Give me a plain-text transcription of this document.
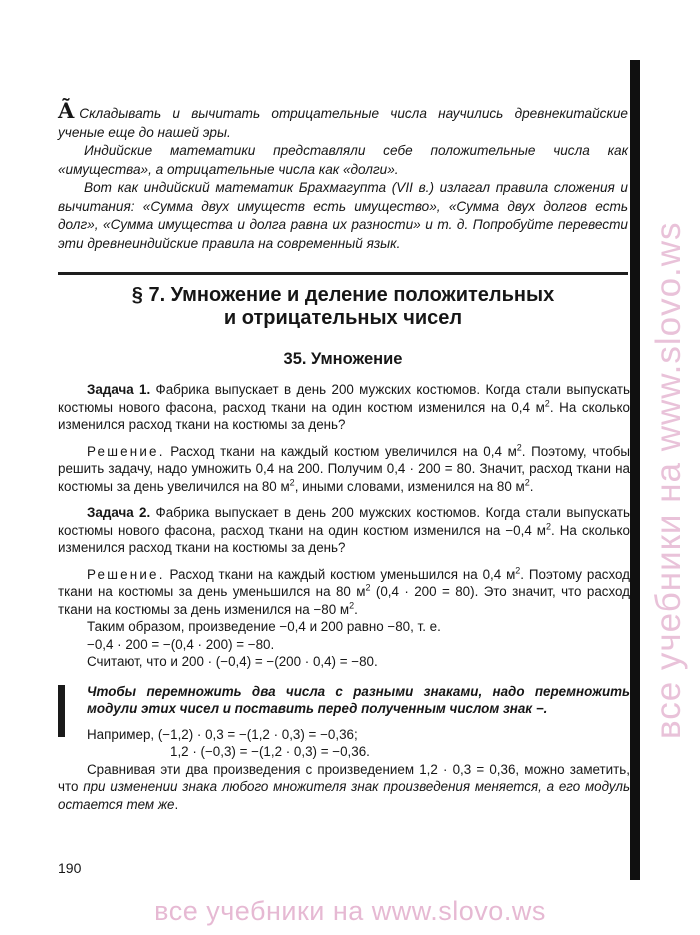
Ã Складывать и вычитать отрицательные числа научились древнекитайские ученые еще до нашей эры.

Индийские математики представляли себе положительные числа как «имущества», а отрицательные числа как «долги».

Вот как индийский математик Брахмагупта (VII в.) излагал правила сложения и вычитания: «Сумма двух имуществ есть имущество», «Сумма двух долгов есть долг», «Сумма имущества и долга равна их разности» и т. д. Попробуйте перевести эти древнеиндийские правила на современный язык.

§ 7. Умножение и деление положительных
и отрицательных чисел
35. Умножение

Задача 1. Фабрика выпускает в день 200 мужских костюмов. Когда стали выпускать костюмы нового фасона, расход ткани на один костюм изменился на 0,4 $м^2$. На сколько изменился расход ткани на костюмы за день?

Решение. Расход ткани на каждый костюм увеличился на 0,4 $м^2$. Поэтому, чтобы решить задачу, надо умножить 0,4 на 200. Получим 0,4 · 200 = 80. Значит, расход ткани на костюмы за день увеличился на 80 $м^2$, иными словами, изменился на 80 $м^2$.

Задача 2. Фабрика выпускает в день 200 мужских костюмов. Когда стали выпускать костюмы нового фасона, расход ткани на один костюм изменился на −0,4 $м^2$. На сколько изменился расход ткани на костюмы за день?

Решение. Расход ткани на каждый костюм уменьшился на 0,4 $м^2$. Поэтому расход ткани на костюмы за день уменьшился на 80 $м^2$ (0,4 · 200 = 80). Это значит, что расход ткани на костюмы за день изменился на −80 $м^2$.

Таким образом, произведение −0,4 и 200 равно −80, т. е.

−0,4 · 200 = −(0,4 · 200) = −80.

Считают, что и 200 · (−0,4) = −(200 · 0,4) = −80.

Чтобы перемножить два числа с разными знаками, надо перемножить модули этих чисел и поставить перед полученным числом знак −.

Например, (−1,2) · 0,3 = −(1,2 · 0,3) = −0,36;

1,2 · (−0,3) = −(1,2 · 0,3) = −0,36.

Сравнивая эти два произведения с произведением 1,2 · 0,3 = 0,36, можно заметить, что при изменении знака любого множителя знак произведения меняется, а его модуль остается тем же.

190
все учебники на www.slovo.ws
все учебники на www.slovo.ws
